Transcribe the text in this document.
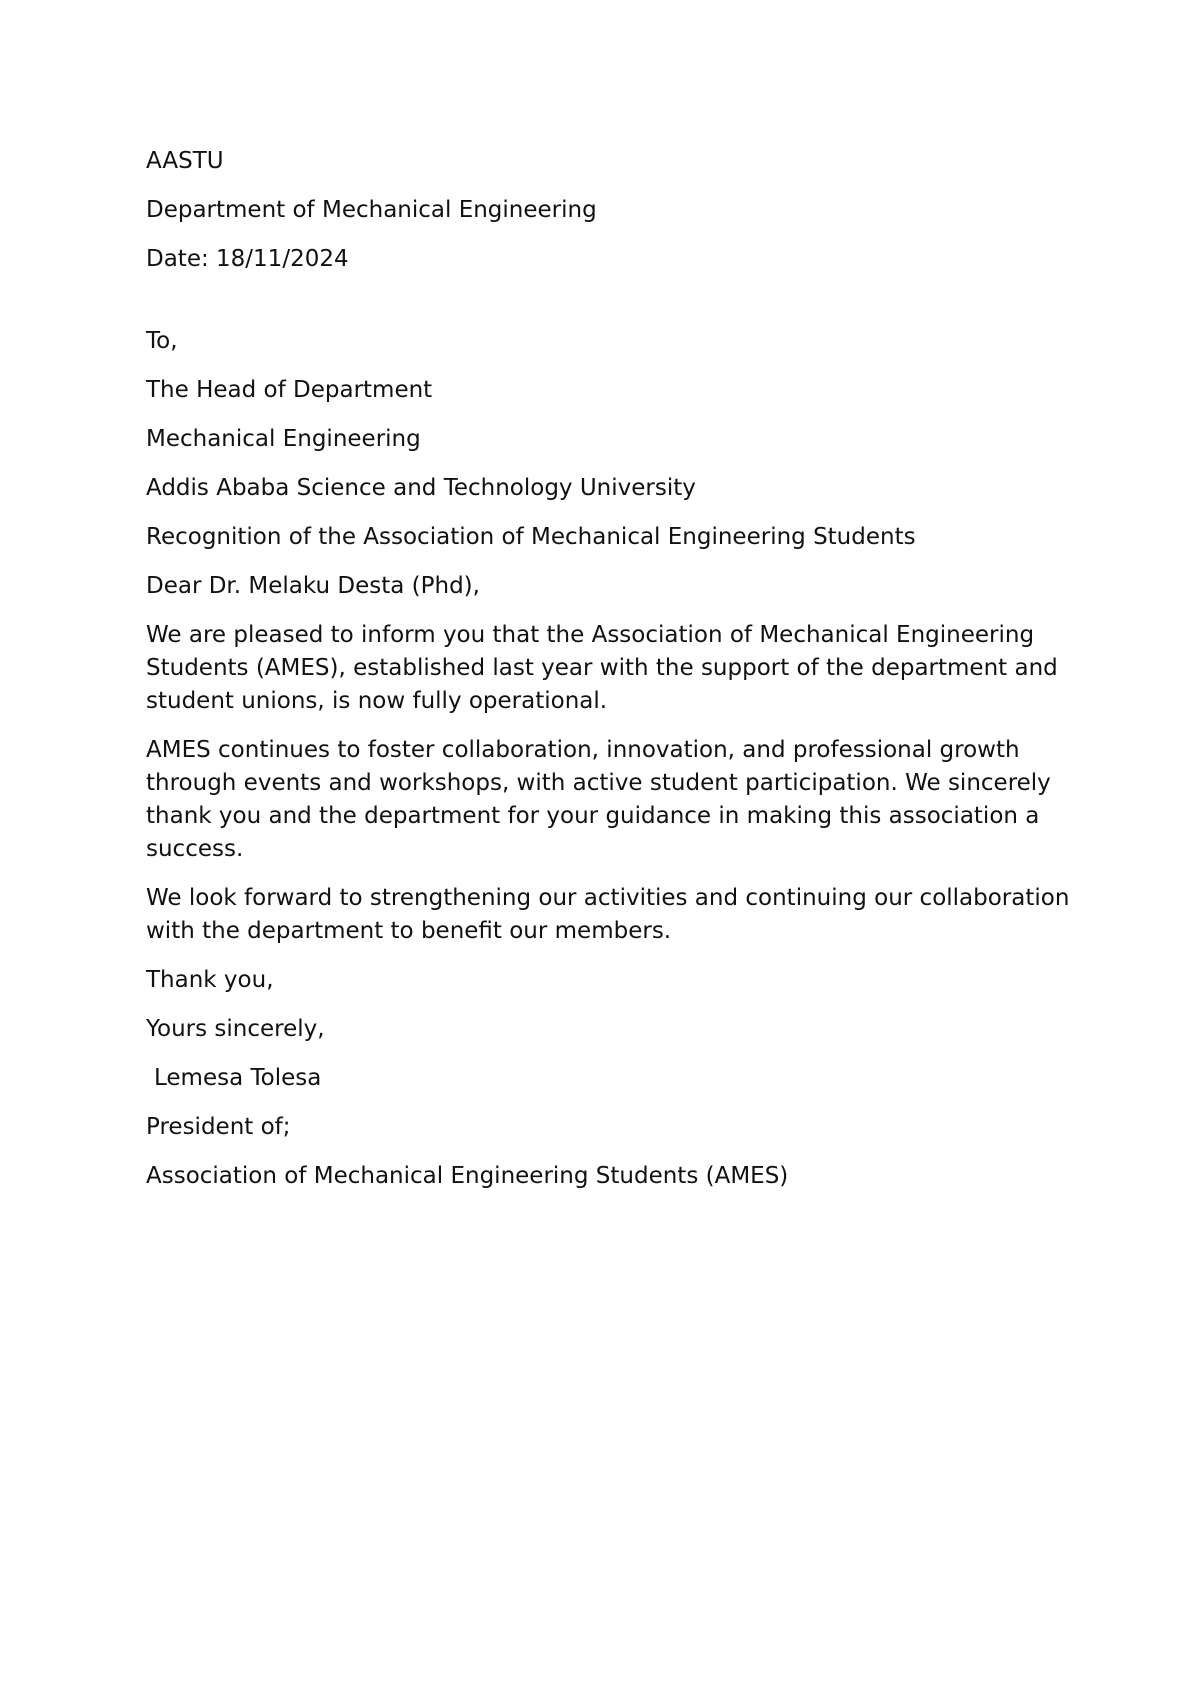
AASTU

Department of Mechanical Engineering

Date: 18/11/2024

To,

The Head of Department

Mechanical Engineering

Addis Ababa Science and Technology University

Recognition of the Association of Mechanical Engineering Students

Dear Dr. Melaku Desta (Phd),

We are pleased to inform you that the Association of Mechanical Engineering Students (AMES), established last year with the support of the department and student unions, is now fully operational.

AMES continues to foster collaboration, innovation, and professional growth through events and workshops, with active student participation. We sincerely thank you and the department for your guidance in making this association a success.

We look forward to strengthening our activities and continuing our collaboration with the department to benefit our members.

Thank you,

Yours sincerely,

Lemesa Tolesa

President of;

Association of Mechanical Engineering Students (AMES)
